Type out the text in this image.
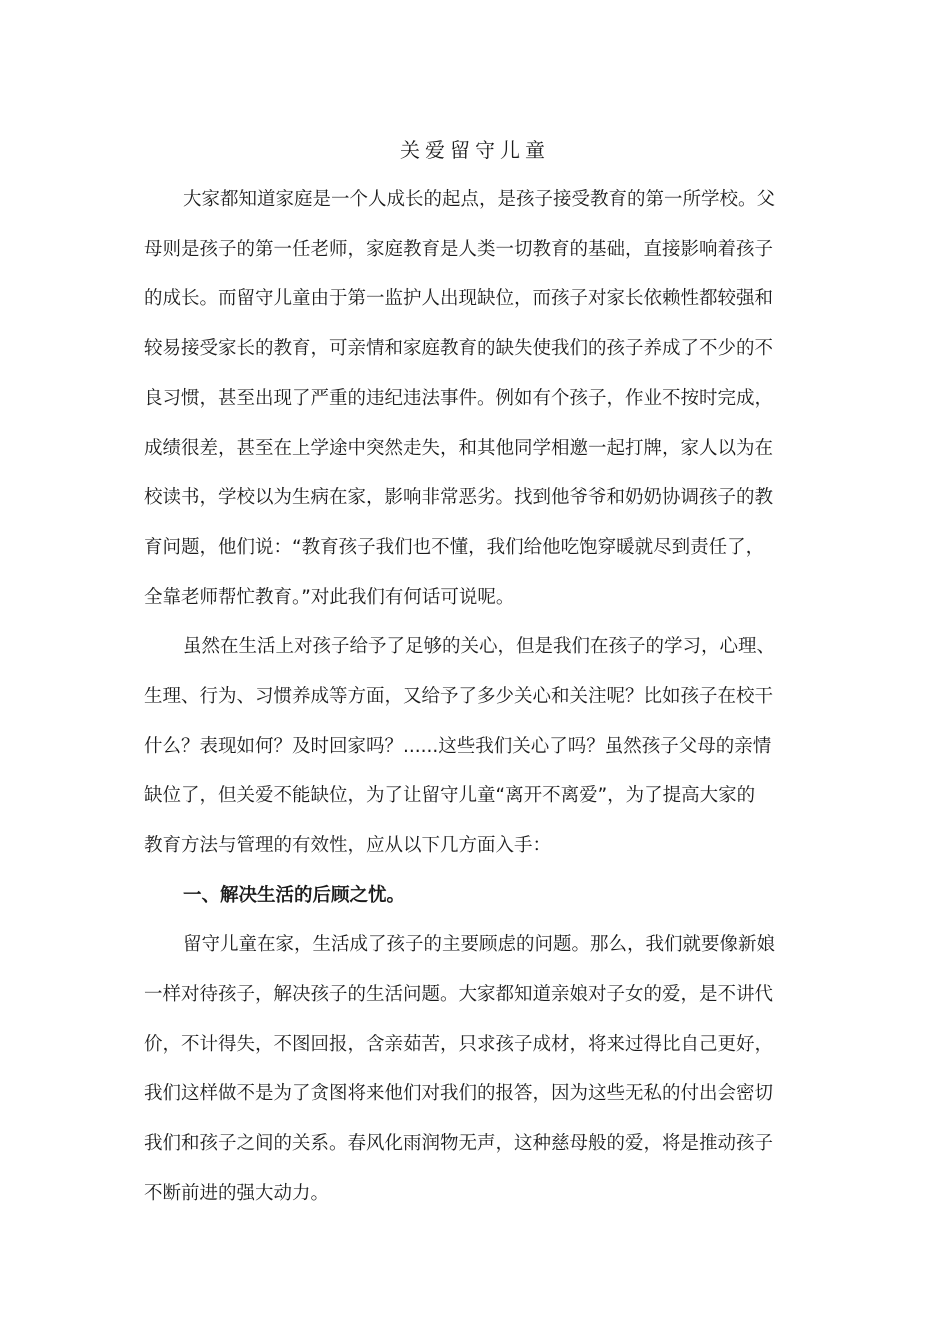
关爱留守儿童
大家都知道家庭是一个人成长的起点，是孩子接受教育的第一所学校。父
母则是孩子的第一任老师，家庭教育是人类一切教育的基础，直接影响着孩子
的成长。而留守儿童由于第一监护人出现缺位，而孩子对家长依赖性都较强和
较易接受家长的教育，可亲情和家庭教育的缺失使我们的孩子养成了不少的不
良习惯，甚至出现了严重的违纪违法事件。例如有个孩子，作业不按时完成，
成绩很差，甚至在上学途中突然走失，和其他同学相邀一起打牌，家人以为在
校读书，学校以为生病在家，影响非常恶劣。找到他爷爷和奶奶协调孩子的教
育问题，他们说：“教育孩子我们也不懂，我们给他吃饱穿暖就尽到责任了，
全靠老师帮忙教育。”对此我们有何话可说呢。
虽然在生活上对孩子给予了足够的关心，但是我们在孩子的学习，心理、
生理、行为、习惯养成等方面，又给予了多少关心和关注呢？比如孩子在校干
什么？表现如何？及时回家吗？......这些我们关心了吗？虽然孩子父母的亲情
缺位了，但关爱不能缺位，为了让留守儿童“离开不离爱”，为了提高大家的
教育方法与管理的有效性，应从以下几方面入手：
一、解决生活的后顾之忧。
留守儿童在家，生活成了孩子的主要顾虑的问题。那么，我们就要像新娘
一样对待孩子，解决孩子的生活问题。大家都知道亲娘对子女的爱，是不讲代
价，不计得失，不图回报，含亲茹苦，只求孩子成材，将来过得比自己更好，
我们这样做不是为了贪图将来他们对我们的报答，因为这些无私的付出会密切
我们和孩子之间的关系。春风化雨润物无声，这种慈母般的爱，将是推动孩子
不断前进的强大动力。
